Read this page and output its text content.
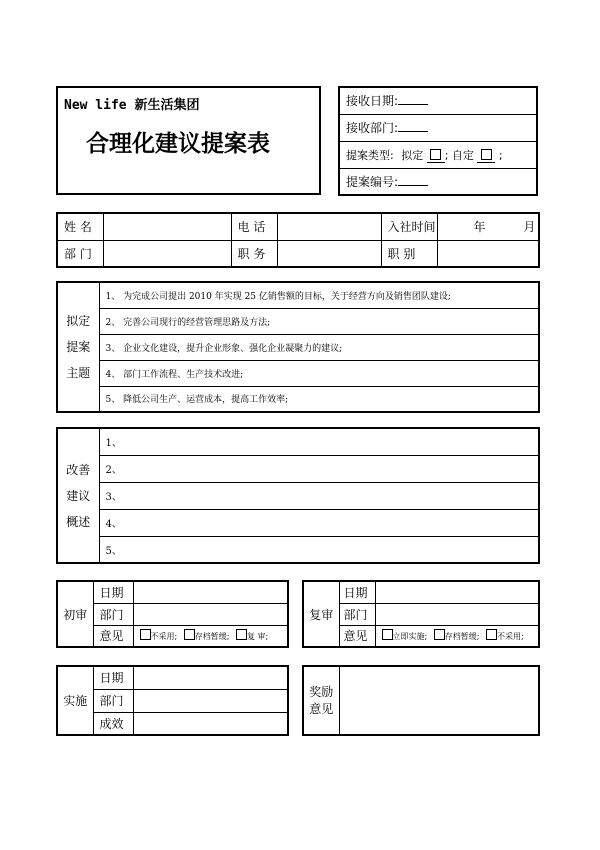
New life 新生活集团
合理化建议提案表
接收日期:
接收部门:
提案类型: 拟定 ; 自定  ;
提案编号:
姓 名		电 话		入社时间	年 月
部 门		职 务		职 别	
拟定
提案
主题
	1、 为完成公司提出 2010 年实现 25 亿销售额的目标，关于经营方向及销售团队建设;
2、 完善公司现行的经营管理思路及方法;
3、 企业文化建设，提升企业形象、强化企业凝聚力的建议;
4、 部门工作流程、生产技术改进;
5、 降低公司生产、运营成本，提高工作效率;
改善
建议
概述
	1、
2、
3、
4、
5、
初审	日期	
	部门	
	意见	不采用; 存档暂缓; 复 审;
复审	日期	
	部门	
	意见	立即实施; 存档暂缓; 不采用;
实施	日期	
	部门	
	成效	
奖励
意见
